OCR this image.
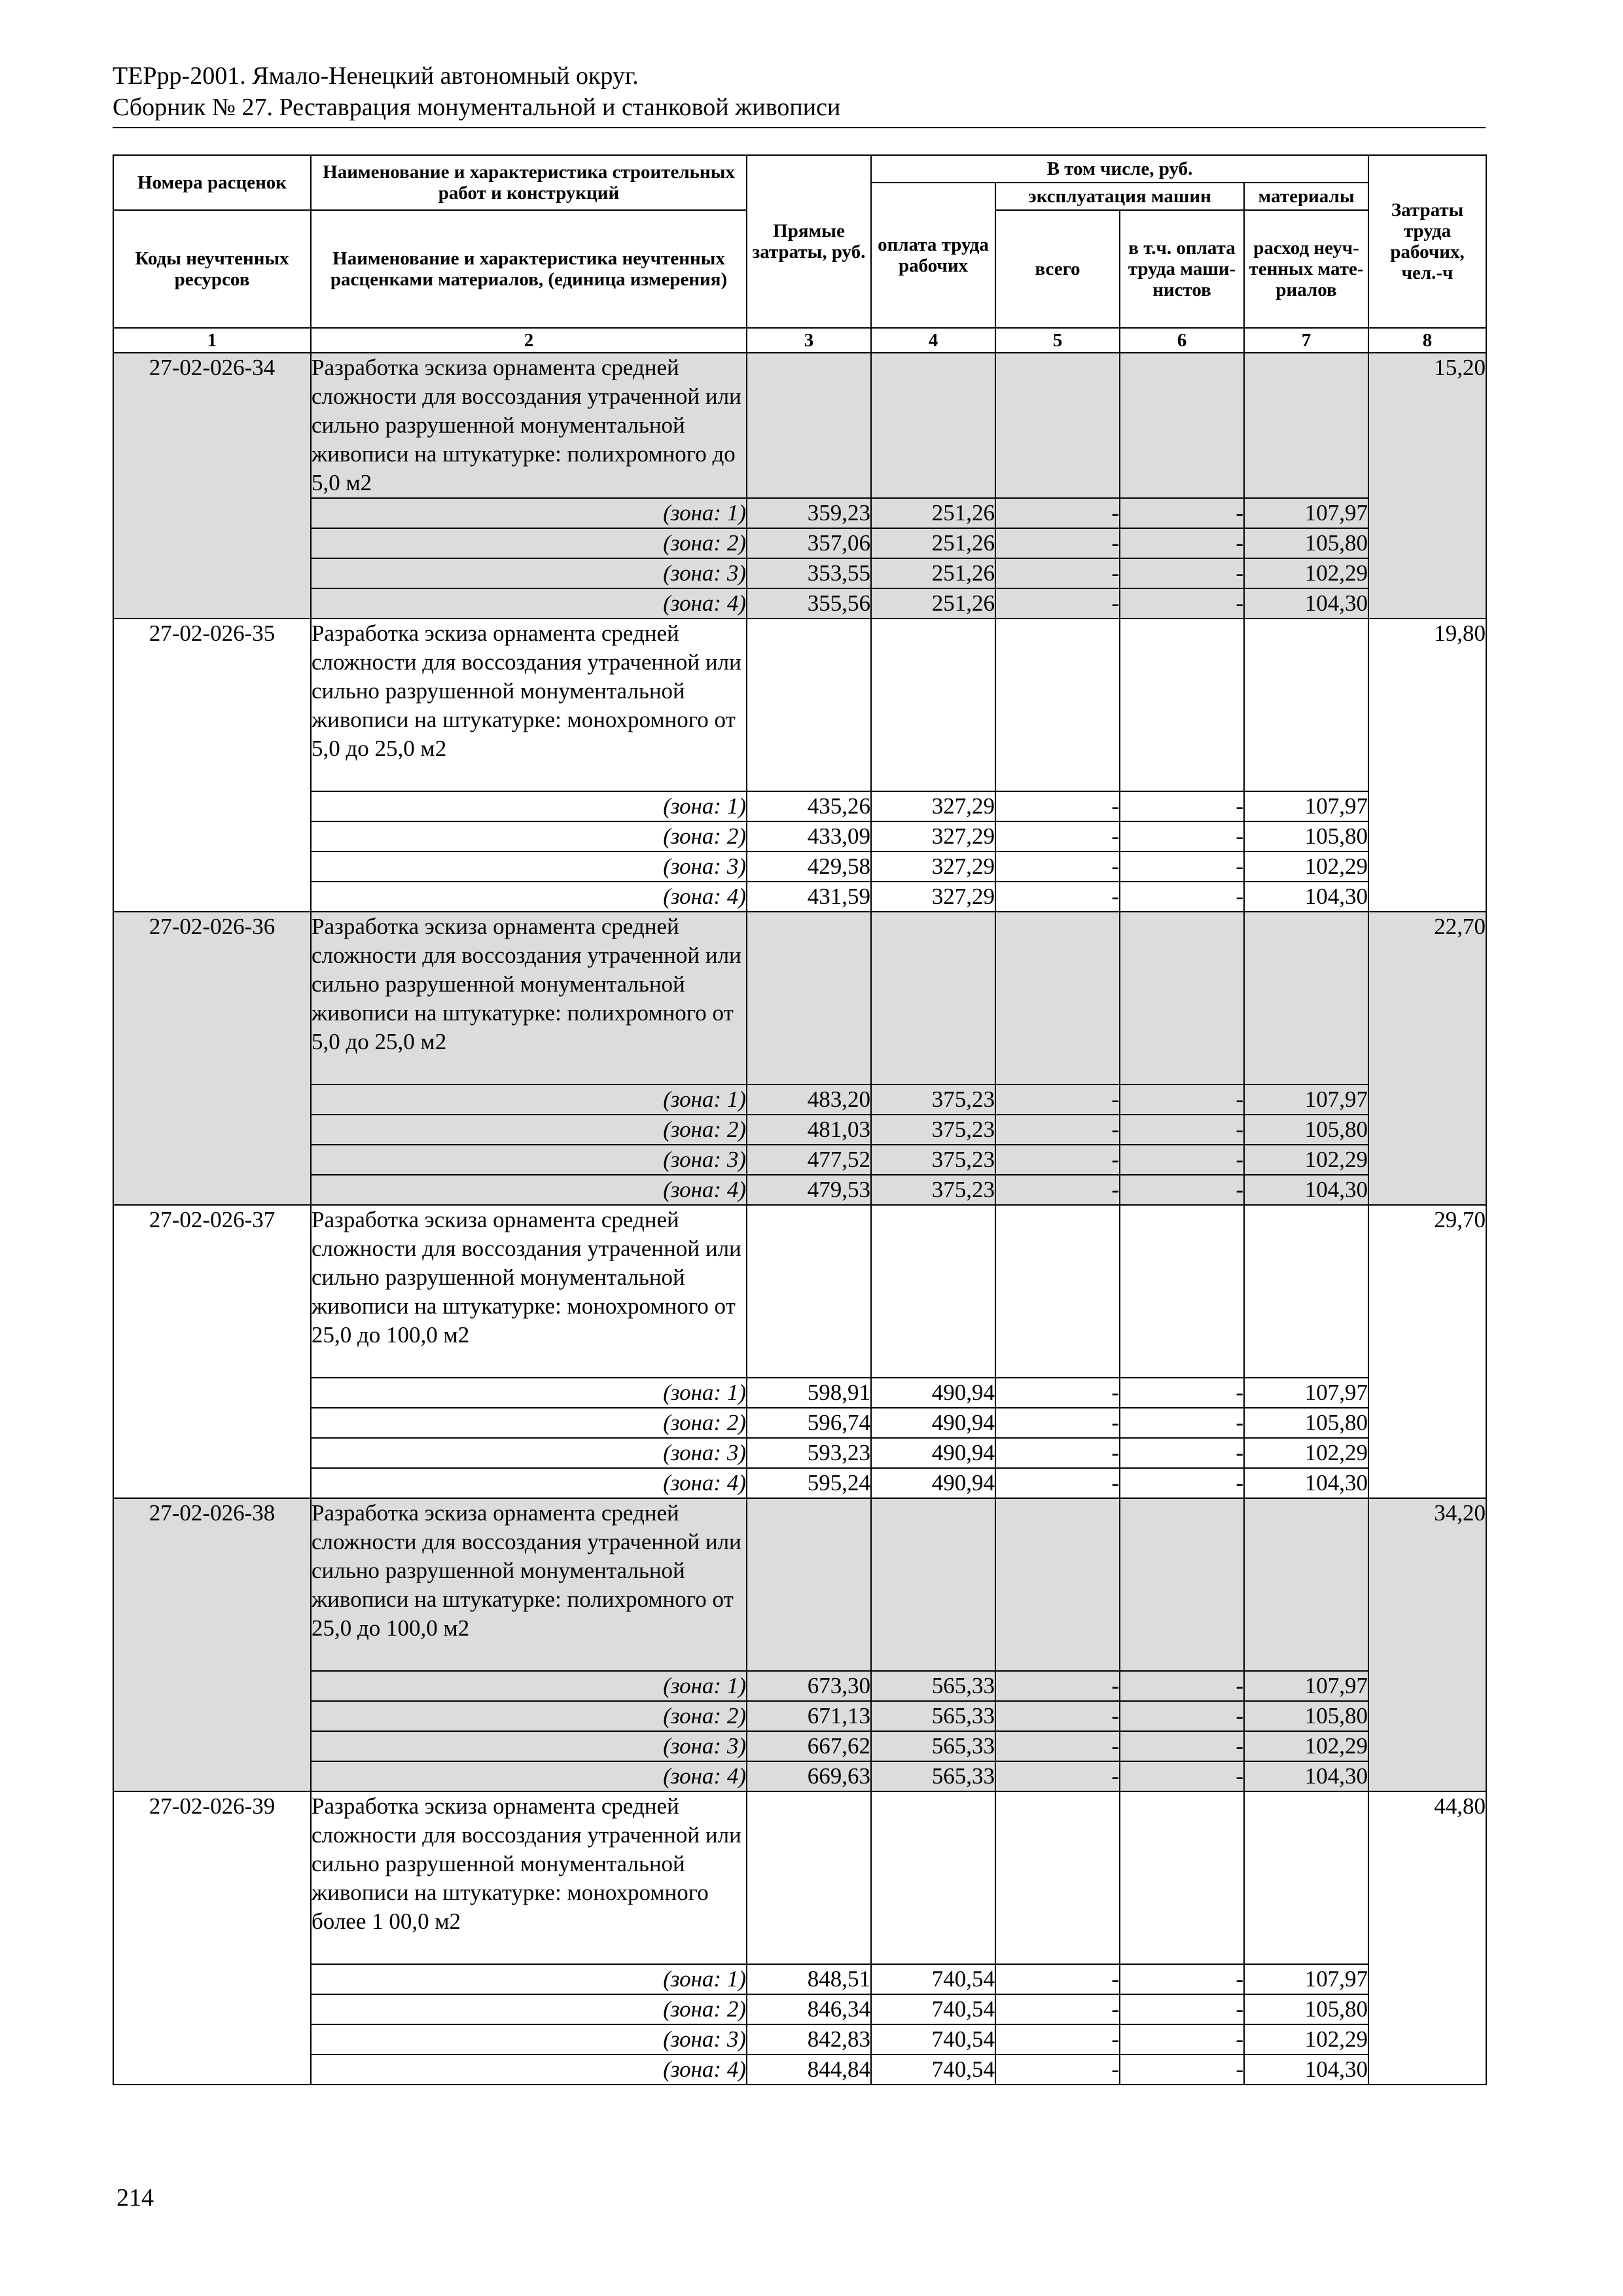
ТЕРрр-2001. Ямало-Ненецкий автономный округ.
Сборник № 27. Реставрация монументальной и станковой живописи
Номера расценок	Наименование и характеристика строительных работ и конструкций	Прямые затраты, руб.	В том числе, руб.				Затраты труда рабочих, чел.-ч
			оплата труда рабочих	эксплуатация машин		материалы	
Коды неучтенных ресурсов	Наименование и характеристика неучтенных расценками материалов, (единица измерения)			всего	в т.ч. оплата труда маши- нистов	расход неуч- тенных мате- риалов	

1	2	3	4	5	6	7	8
27-02-026-34	Разработка эскиза орнамента средней сложности для воссоздания утраченной или сильно разрушенной монументальной живописи на штукатурке: полихромного до 5,0 м2						15,20
	(зона: 1)	359,23	251,26	-	-	107,97	
	(зона: 2)	357,06	251,26	-	-	105,80	
	(зона: 3)	353,55	251,26	-	-	102,29	
	(зона: 4)	355,56	251,26	-	-	104,30	
27-02-026-35	Разработка эскиза орнамента средней сложности для воссоздания утраченной или сильно разрушенной монументальной живописи на штукатурке: монохромного от 5,0 до 25,0 м2						19,80
	(зона: 1)	435,26	327,29	-	-	107,97	
	(зона: 2)	433,09	327,29	-	-	105,80	
	(зона: 3)	429,58	327,29	-	-	102,29	
	(зона: 4)	431,59	327,29	-	-	104,30	
27-02-026-36	Разработка эскиза орнамента средней сложности для воссоздания утраченной или сильно разрушенной монументальной живописи на штукатурке: полихромного от 5,0 до 25,0 м2						22,70
	(зона: 1)	483,20	375,23	-	-	107,97	
	(зона: 2)	481,03	375,23	-	-	105,80	
	(зона: 3)	477,52	375,23	-	-	102,29	
	(зона: 4)	479,53	375,23	-	-	104,30	
27-02-026-37	Разработка эскиза орнамента средней сложности для воссоздания утраченной или сильно разрушенной монументальной живописи на штукатурке: монохромного от 25,0 до 100,0 м2						29,70
	(зона: 1)	598,91	490,94	-	-	107,97	
	(зона: 2)	596,74	490,94	-	-	105,80	
	(зона: 3)	593,23	490,94	-	-	102,29	
	(зона: 4)	595,24	490,94	-	-	104,30	
27-02-026-38	Разработка эскиза орнамента средней сложности для воссоздания утраченной или сильно разрушенной монументальной живописи на штукатурке: полихромного от 25,0 до 100,0 м2						34,20
	(зона: 1)	673,30	565,33	-	-	107,97	
	(зона: 2)	671,13	565,33	-	-	105,80	
	(зона: 3)	667,62	565,33	-	-	102,29	
	(зона: 4)	669,63	565,33	-	-	104,30	
27-02-026-39	Разработка эскиза орнамента средней сложности для воссоздания утраченной или сильно разрушенной монументальной живописи на штукатурке: монохромного более 1 00,0 м2						44,80
	(зона: 1)	848,51	740,54	-	-	107,97	
	(зона: 2)	846,34	740,54	-	-	105,80	
	(зона: 3)	842,83	740,54	-	-	102,29	
	(зона: 4)	844,84	740,54	-	-	104,30	
214
